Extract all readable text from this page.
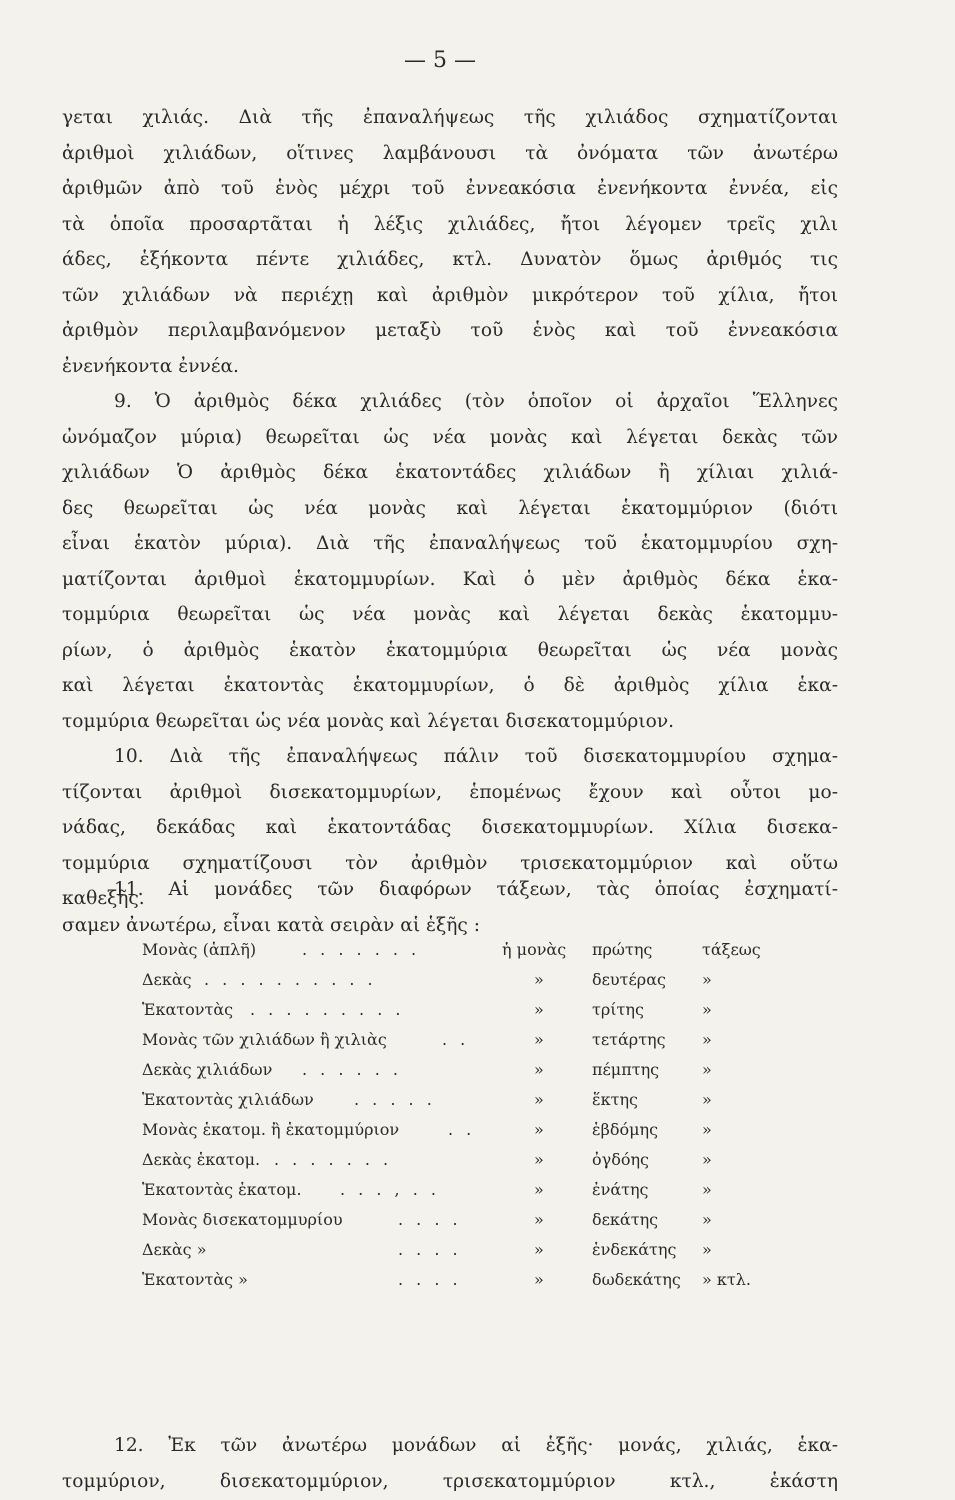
— 5 —
γεται χιλιάς. Διὰ τῆς ἐπαναλήψεως τῆς χιλιάδος σχηματίζονται
ἀριθμοὶ χιλιάδων, οἵτινες λαμβάνουσι τὰ ὀνόματα τῶν ἀνωτέρω
ἀριθμῶν ἀπὸ τοῦ ἑνὸς μέχρι τοῦ ἐννεακόσια ἐνενήκοντα ἐννέα, εἰς
τὰ ὁποῖα προσαρτᾶται ἡ λέξις χιλιάδες, ἤτοι λέγομεν τρεῖς χιλι
άδες, ἑξήκοντα πέντε χιλιάδες, κτλ. Δυνατὸν ὅμως ἀριθμός τις
τῶν χιλιάδων νὰ περιέχῃ καὶ ἀριθμὸν μικρότερον τοῦ χίλια, ἤτοι
ἀριθμὸν περιλαμβανόμενον μεταξὺ τοῦ ἑνὸς καὶ τοῦ ἐννεακόσια
ἐνενήκοντα ἐννέα.
9. Ὁ ἀριθμὸς δέκα χιλιάδες (τὸν ὁποῖον οἱ ἀρχαῖοι Ἕλληνες
ὠνόμαζον μύρια) θεωρεῖται ὡς νέα μονὰς καὶ λέγεται δεκὰς τῶν
χιλιάδων Ὁ ἀριθμὸς δέκα ἑκατοντάδες χιλιάδων ἢ χίλιαι χιλιά-
δες θεωρεῖται ὡς νέα μονὰς καὶ λέγεται ἑκατομμύριον (διότι
εἶναι ἑκατὸν μύρια). Διὰ τῆς ἐπαναλήψεως τοῦ ἑκατομμυρίου σχη-
ματίζονται ἀριθμοὶ ἑκατομμυρίων. Καὶ ὁ μὲν ἀριθμὸς δέκα ἑκα-
τομμύρια θεωρεῖται ὡς νέα μονὰς καὶ λέγεται δεκὰς ἑκατομμυ-
ρίων, ὁ ἀριθμὸς ἑκατὸν ἑκατομμύρια θεωρεῖται ὡς νέα μονὰς
καὶ λέγεται ἑκατοντὰς ἑκατομμυρίων, ὁ δὲ ἀριθμὸς χίλια ἑκα-
τομμύρια θεωρεῖται ὡς νέα μονὰς καὶ λέγεται δισεκατομμύριον.
10. Διὰ τῆς ἐπαναλήψεως πάλιν τοῦ δισεκατομμυρίου σχημα-
τίζονται ἀριθμοὶ δισεκατομμυρίων, ἑπομένως ἔχουν καὶ οὗτοι μο-
νάδας, δεκάδας καὶ ἑκατοντάδας δισεκατομμυρίων. Χίλια δισεκα-
τομμύρια σχηματίζουσι τὸν ἀριθμὸν τρισεκατομμύριον καὶ οὕτω
καθεξῆς.
11. Αἱ μονάδες τῶν διαφόρων τάξεων, τὰς ὁποίας ἐσχηματί-
σαμεν ἀνωτέρω, εἶναι κατὰ σειρὰν αἱ ἑξῆς :
Μονὰς (ἁπλῆ)	. . . . . . .	ἡ μονὰς πρώτης	τάξεως
Δεκὰς . . . . . . . . . .	»	δευτέρας »
Ἑκατοντὰς . . . . . . . . .	»	τρίτης	»
Μονὰς τῶν χιλιάδων ἢ χιλιὰς	. .	»	τετάρτης »
Δεκὰς χιλιάδων . . . . . .	»	πέμπτης	»
Ἑκατοντὰς χιλιάδων	. . . . .	»	ἕκτης	»
Μονὰς ἑκατομ. ἢ ἑκατομμύριον	. .	»	ἑβδόμης	»
Δεκὰς ἑκατομ. . . . . . . .	»	ὀγδόης	»
Ἑκατοντὰς ἑκατομ. . . . , . .	»	ἐνάτης	»
Μονὰς δισεκατομμυρίου	. . . .	»	δεκάτης	»
Δεκὰς »	. . . .	»	ἑνδεκάτης »
Ἑκατοντὰς »	. . . .	»	δωδεκάτης » κτλ.
12. Ἐκ τῶν ἀνωτέρω μονάδων αἱ ἑξῆς· μονάς, χιλιάς, ἑκα-
τομμύριον, δισεκατομμύριον, τρισεκατομμύριον κτλ., ἑκάστη
